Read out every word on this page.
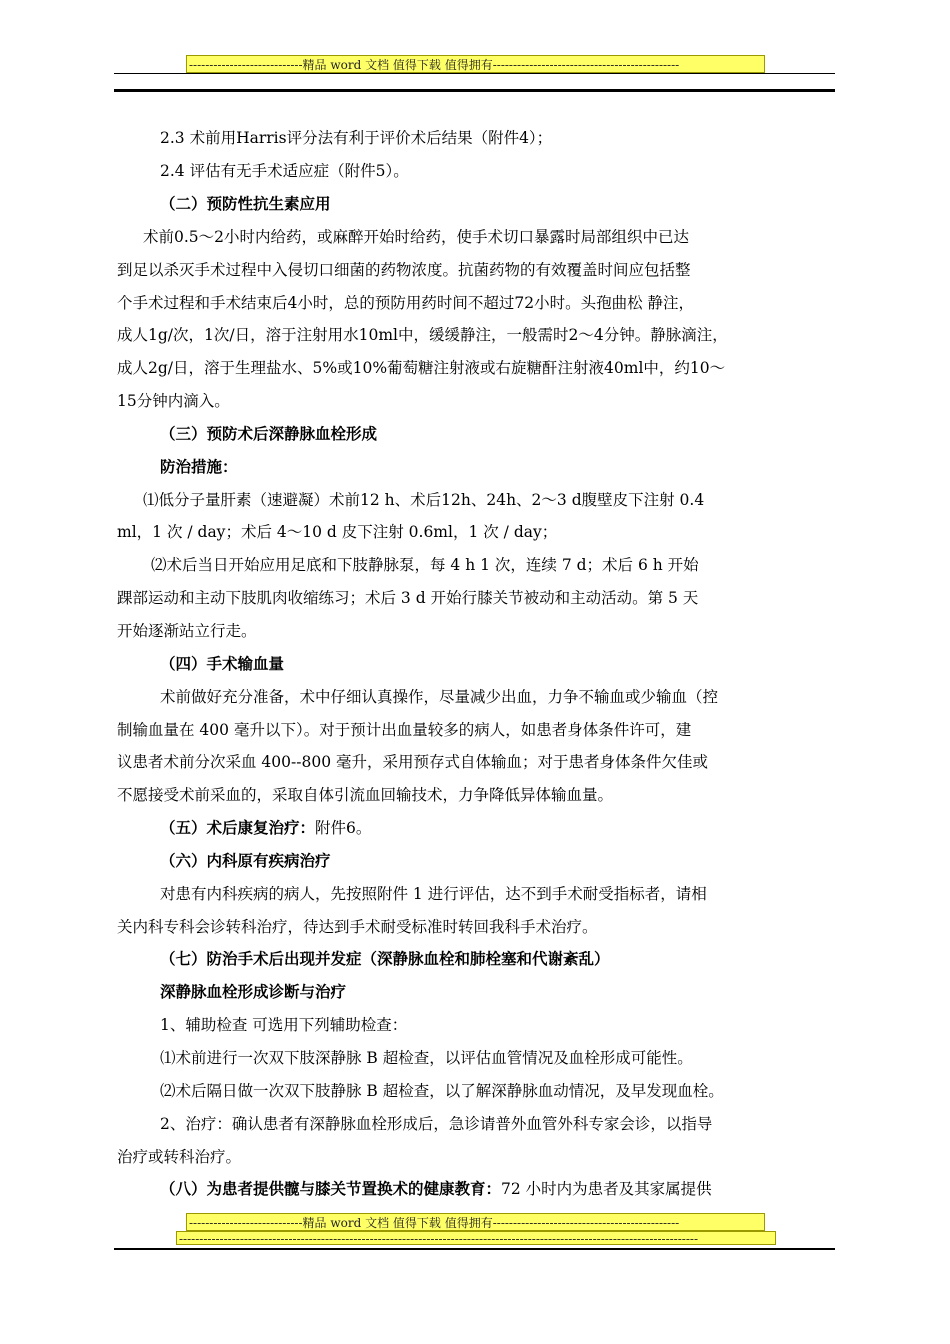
----------------------------精品 word 文档 值得下载 值得拥有----------------------------------------------
2.3 术前用Harris评分法有利于评价术后结果（附件4）；
2.4 评估有无手术适应症（附件5）。
（二）预防性抗生素应用
术前0.5～2小时内给药，或麻醉开始时给药，使手术切口暴露时局部组织中已达
到足以杀灭手术过程中入侵切口细菌的药物浓度。抗菌药物的有效覆盖时间应包括整
个手术过程和手术结束后4小时，总的预防用药时间不超过72小时。头孢曲松 静注，
成人1g/次，1次/日，溶于注射用水10ml中，缓缓静注，一般需时2～4分钟。静脉滴注，
成人2g/日，溶于生理盐水、5%或10%葡萄糖注射液或右旋糖酐注射液40ml中，约10～
15分钟内滴入。
（三）预防术后深静脉血栓形成
防治措施：
⑴低分子量肝素（速避凝）术前12 h、术后12h、24h、2～3 d腹壁皮下注射 0.4
ml，1 次 / day；术后 4～10 d 皮下注射 0.6ml，1 次 / day；
⑵术后当日开始应用足底和下肢静脉泵，每 4 h 1 次，连续 7 d；术后 6 h 开始
踝部运动和主动下肢肌肉收缩练习；术后 3 d 开始行膝关节被动和主动活动。第 5 天
开始逐渐站立行走。
（四）手术输血量
术前做好充分准备，术中仔细认真操作，尽量减少出血，力争不输血或少输血（控
制输血量在 400 毫升以下）。对于预计出血量较多的病人，如患者身体条件许可，建
议患者术前分次采血 400--800 毫升，采用预存式自体输血；对于患者身体条件欠佳或
不愿接受术前采血的，采取自体引流血回输技术，力争降低异体输血量。
（五）术后康复治疗：附件6。
（六）内科原有疾病治疗
对患有内科疾病的病人，先按照附件 1 进行评估，达不到手术耐受指标者，请相
关内科专科会诊转科治疗，待达到手术耐受标准时转回我科手术治疗。
（七）防治手术后出现并发症（深静脉血栓和肺栓塞和代谢紊乱）
深静脉血栓形成诊断与治疗
1、辅助检查 可选用下列辅助检查：
⑴术前进行一次双下肢深静脉 B 超检查，以评估血管情况及血栓形成可能性。
⑵术后隔日做一次双下肢静脉 B 超检查，以了解深静脉血动情况，及早发现血栓。
2、治疗：确认患者有深静脉血栓形成后，急诊请普外血管外科专家会诊，以指导
治疗或转科治疗。
（八）为患者提供髋与膝关节置换术的健康教育：72 小时内为患者及其家属提供
----------------------------精品 word 文档 值得下载 值得拥有----------------------------------------------
--------------------------------------------------------------------------------------------------------------------------------
